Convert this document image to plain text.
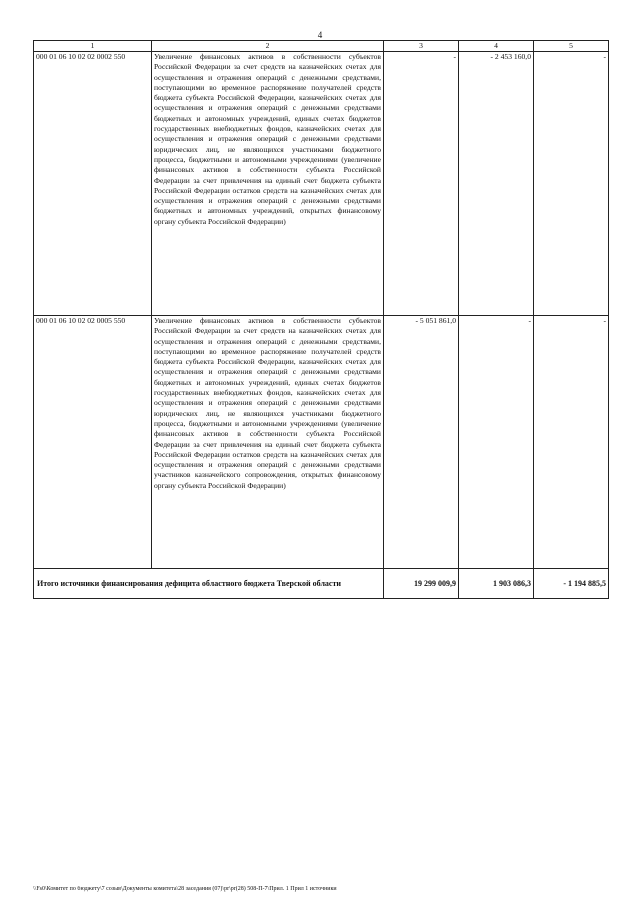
4
1	2	3	4	5
000 01 06 10 02 02 0002 550	Увеличение финансовых активов в собственности субъектов Российской Федерации за счет средств на казначейских счетах для осуществления и отражения операций с денежными средствами, поступающими во временное распоряжение получателей средств бюджета субъекта Российской Федерации, казначейских счетах для осуществления и отражения операций с денежными средствами бюджетных и автономных учреждений, единых счетах бюджетов государственных внебюджетных фондов, казначейских счетах для осуществления и отражения операций с денежными средствами юридических лиц, не являющихся участниками бюджетного процесса, бюджетными и автономными учреждениями (увеличение финансовых активов в собственности субъекта Российской Федерации за счет привлечения на единый счет бюджета субъекта Российской Федерации остатков средств на казначейских счетах для осуществления и отражения операций с денежными средствами бюджетных и автономных учреждений, открытых финансовому органу субъекта Российской Федерации)	-	- 2 453 160,0	-
000 01 06 10 02 02 0005 550	Увеличение финансовых активов в собственности субъектов Российской Федерации за счет средств на казначейских счетах для осуществления и отражения операций с денежными средствами, поступающими во временное распоряжение получателей средств бюджета субъекта Российской Федерации, казначейских счетах для осуществления и отражения операций с денежными средствами бюджетных и автономных учреждений, единых счетах бюджетов государственных внебюджетных фондов, казначейских счетах для осуществления и отражения операций с денежными средствами юридических лиц, не являющихся участниками бюджетного процесса, бюджетными и автономными учреждениями (увеличение финансовых активов в собственности субъекта Российской Федерации за счет привлечения на единый счет бюджета субъекта Российской Федерации остатков средств на казначейских счетах для осуществления и отражения операций с денежными средствами участников казначейского сопровождения, открытых финансовому органу субъекта Российской Федерации)	- 5 051 861,0	-	-
Итого источники финансирования дефицита областного бюджета Тверской области		19 299 009,9	1 903 086,3	- 1 194 885,5
\\Fs0\Комитет по бюджету\7 созыв\Документы комитета\28 заседания (07)\pr\pr(28) 508-П-7\Прил. 1 Прил 1 источники
